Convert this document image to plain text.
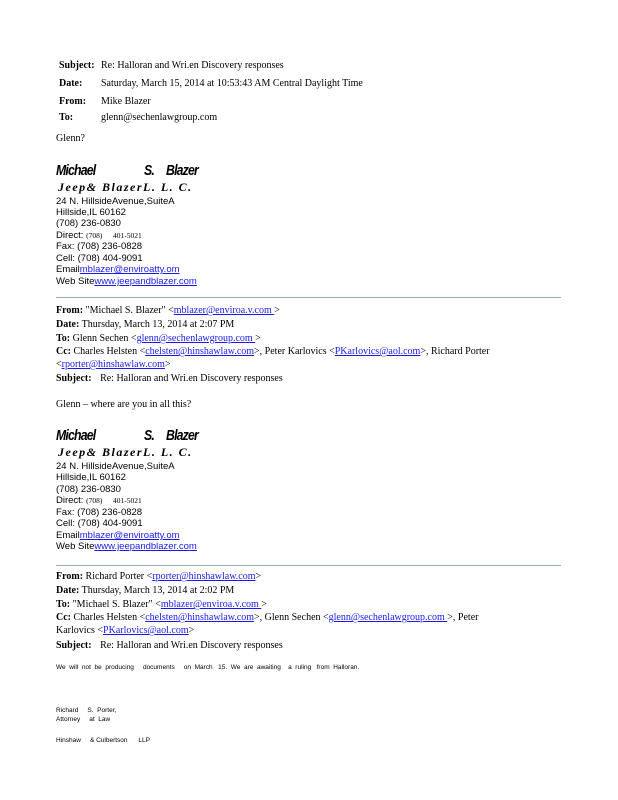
Subject: Re: Halloran and Wri.en Discovery responses
Date: Saturday, March 15, 2014 at 10:53:43 AM Central Daylight Time
From: Mike Blazer
To:	glenn@sechenlawgroup.com
Glenn?
Michael	S. Blazer
Jeep& BlazerL. L. C.
24 N. HillsideAvenue,SuiteA
Hillside,IL 60162
(708) 236-0830
Direct: (708) 401-5021
Fax: (708) 236-0828
Cell: (708) 404-9091
Emailmblazer@enviroatty.om
Web Sitewww.jeepandblazer.com
From: "Michael S. Blazer" <mblazer@enviroa.v.com >
Date: Thursday, March 13, 2014 at 2:07 PM
To: Glenn Sechen <glenn@sechenlawgroup.com >
Cc: Charles Helsten <chelsten@hinshawlaw.com>, Peter Karlovics <PKarlovics@aol.com>, Richard Porter
<rporter@hinshawlaw.com>
Subject: Re: Halloran and Wri.en Discovery responses
Glenn – where are you in all this?
Michael	S. Blazer
Jeep& BlazerL. L. C.
24 N. HillsideAvenue,SuiteA
Hillside,IL 60162
(708) 236-0830
Direct: (708) 401-5021
Fax: (708) 236-0828
Cell: (708) 404-9091
Emailmblazer@enviroatty.om
Web Sitewww.jeepandblazer.com
From: Richard Porter <rporter@hinshawlaw.com>
Date: Thursday, March 13, 2014 at 2:02 PM
To: "Michael S. Blazer" <mblazer@enviroa.v.com >
Cc: Charles Helsten <chelsten@hinshawlaw.com>, Glenn Sechen <glenn@sechenlawgroup.com >, Peter
Karlovics <PKarlovics@aol.com>
Subject: Re: Halloran and Wri.en Discovery responses
We  will  not  be  producing     documents     on  March   15.  We  are  awaiting    a  ruling   from  Halloran.
Richard     S.  Porter,
Attorney     at  Law
Hinshaw     & Culbertson      LLP
